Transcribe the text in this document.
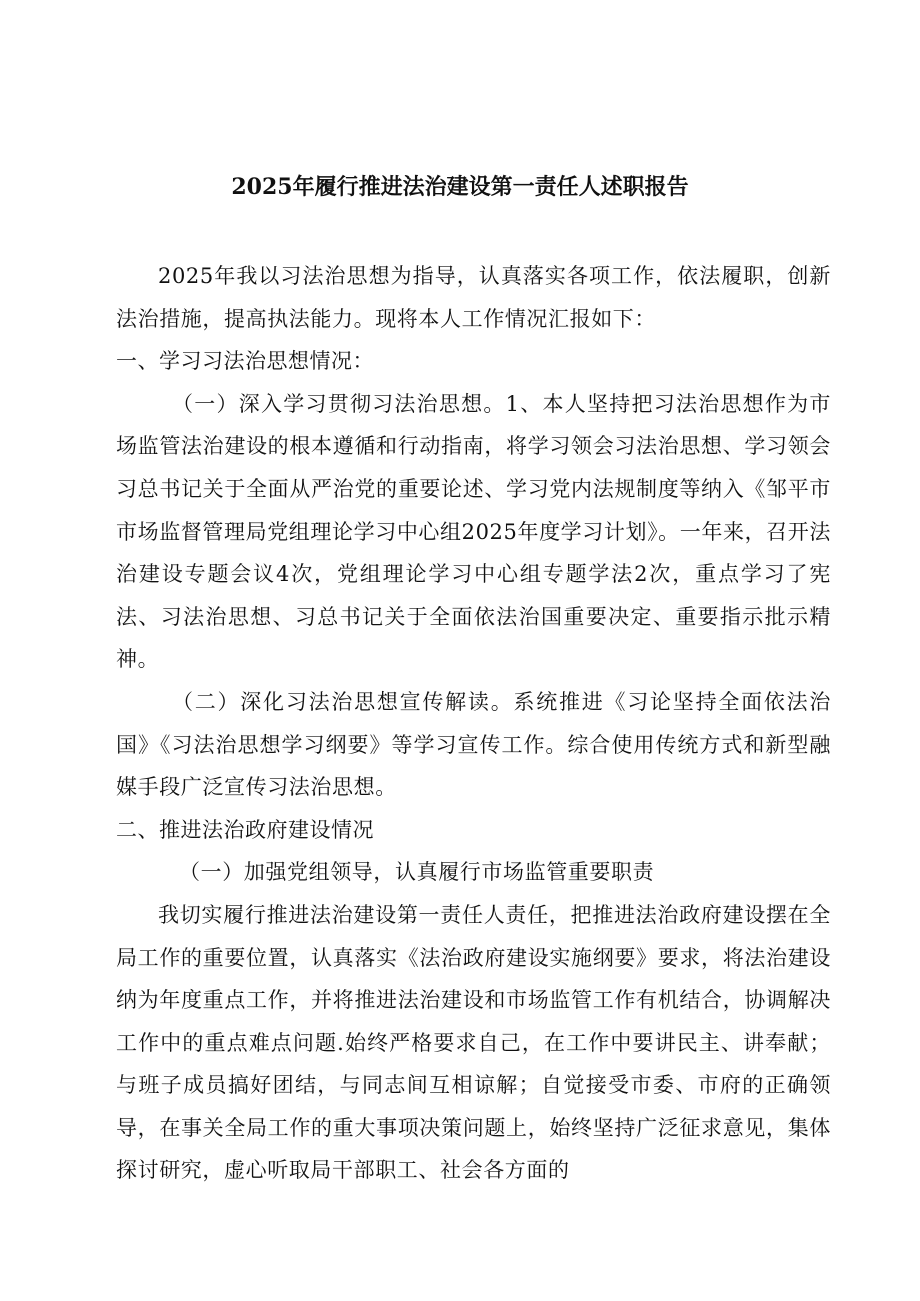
2025年履行推进法治建设第一责任人述职报告

2025年我以习法治思想为指导，认真落实各项工作，依法履职，创新法治措施，提高执法能力。现将本人工作情况汇报如下：

一、学习习法治思想情况：

（一）深入学习贯彻习法治思想。1、本人坚持把习法治思想作为市场监管法治建设的根本遵循和行动指南，将学习领会习法治思想、学习领会习总书记关于全面从严治党的重要论述、学习党内法规制度等纳入《邹平市市场监督管理局党组理论学习中心组2025年度学习计划》。一年来，召开法治建设专题会议4次，党组理论学习中心组专题学法2次，重点学习了宪法、习法治思想、习总书记关于全面依法治国重要决定、重要指示批示精神。

（二）深化习法治思想宣传解读。系统推进《习论坚持全面依法治国》《习法治思想学习纲要》等学习宣传工作。综合使用传统方式和新型融媒手段广泛宣传习法治思想。

二、推进法治政府建设情况

（一）加强党组领导，认真履行市场监管重要职责

我切实履行推进法治建设第一责任人责任，把推进法治政府建设摆在全局工作的重要位置，认真落实《法治政府建设实施纲要》要求，将法治建设纳为年度重点工作，并将推进法治建设和市场监管工作有机结合，协调解决工作中的重点难点问题.始终严格要求自己，在工作中要讲民主、讲奉献；与班子成员搞好团结，与同志间互相谅解；自觉接受市委、市府的正确领导，在事关全局工作的重大事项决策问题上，始终坚持广泛征求意见，集体探讨研究，虚心听取局干部职工、社会各方面的
